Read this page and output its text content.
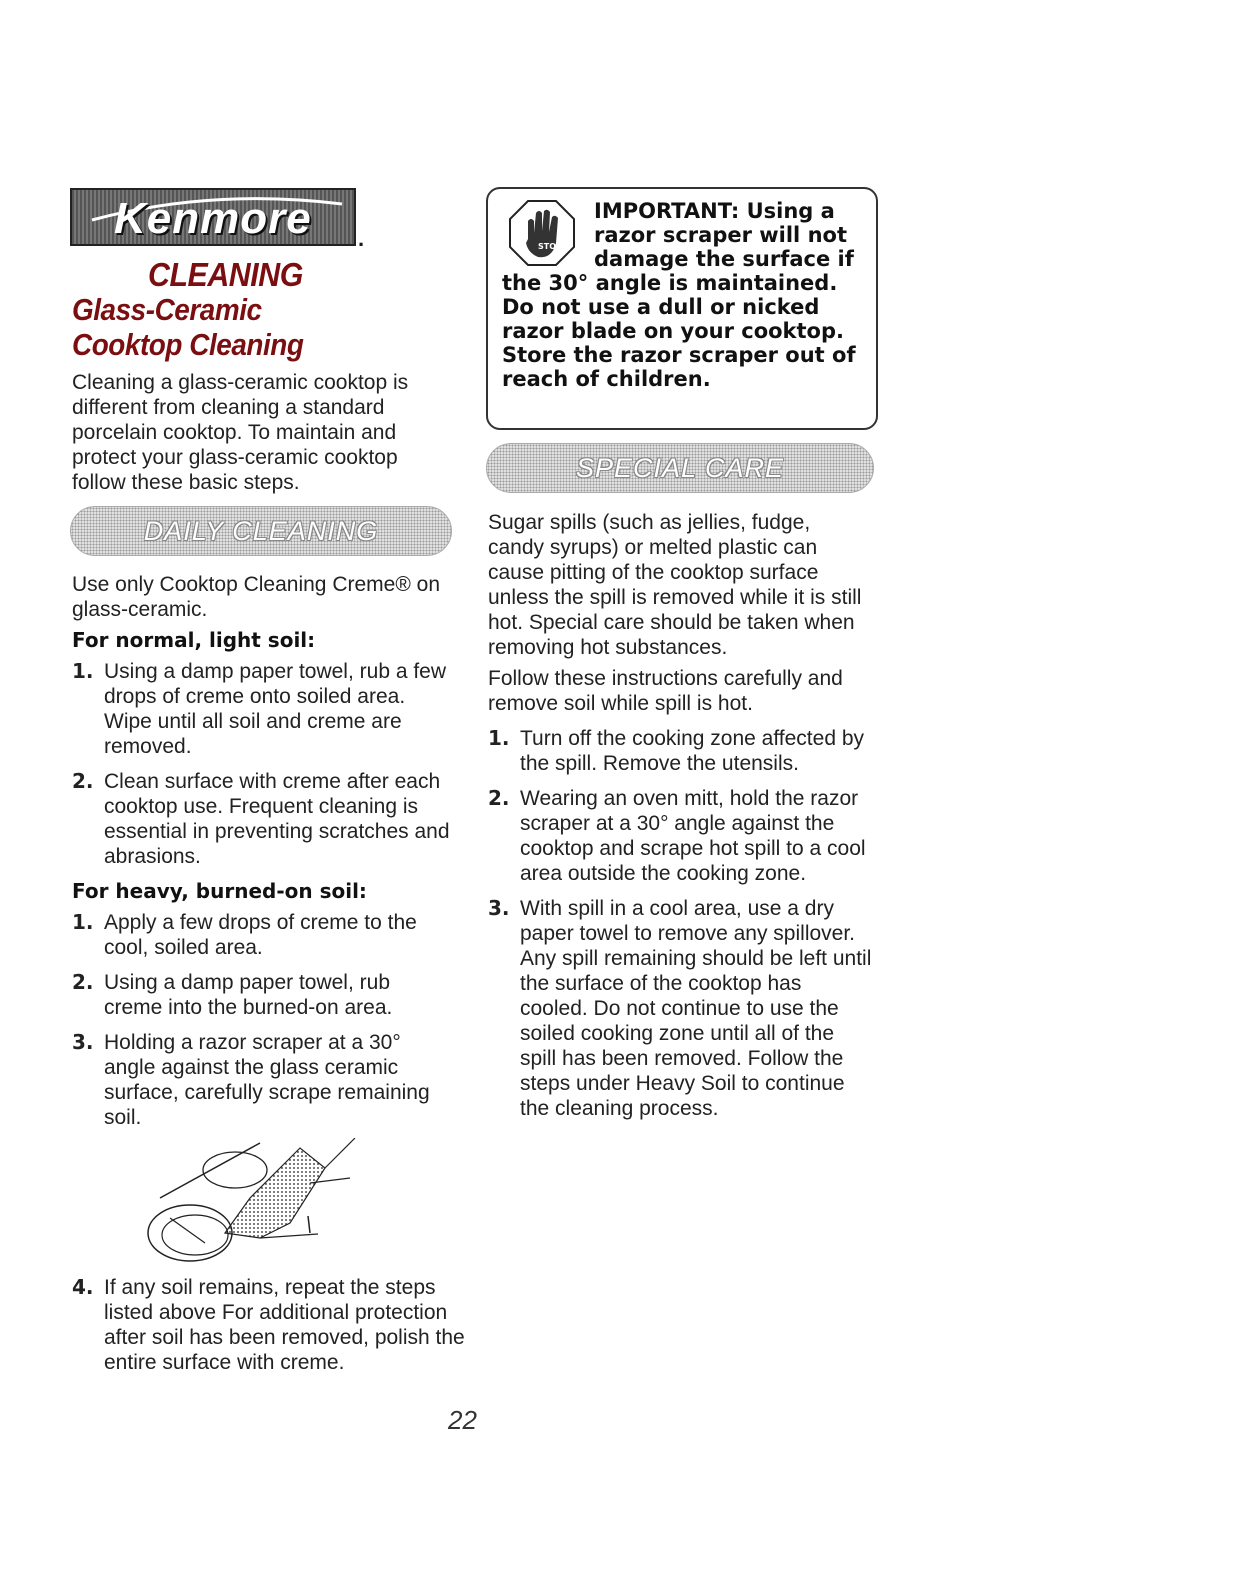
Kenmore .
CLEANING
Glass-Ceramic Cooktop Cleaning

Cleaning a glass-ceramic cooktop is different from cleaning a standard porcelain cooktop. To maintain and protect your glass-ceramic cooktop follow these basic steps.

DAILY CLEANING

Use only Cooktop Cleaning Creme® on glass-ceramic.

For normal, light soil:

1. Using a damp paper towel, rub a few drops of creme onto soiled area. Wipe until all soil and creme are removed.
2. Clean surface with creme after each cooktop use. Frequent cleaning is essential in preventing scratches and abrasions.

For heavy, burned-on soil:

1. Apply a few drops of creme to the cool, soiled area.
2. Using a damp paper towel, rub creme into the burned-on area.
3. Holding a razor scraper at a 30° angle against the glass ceramic surface, carefully scrape remaining soil.
4. If any soil remains, repeat the steps listed above For additional protection after soil has been removed, polish the entire surface with creme.
STOP
IMPORTANT: Using a razor scraper will not damage the surface if the 30° angle is maintained. Do not use a dull or nicked razor blade on your cooktop. Store the razor scraper out of reach of children.
SPECIAL CARE

Sugar spills (such as jellies, fudge, candy syrups) or melted plastic can cause pitting of the cooktop surface unless the spill is removed while it is still hot. Special care should be taken when removing hot substances.

Follow these instructions carefully and remove soil while spill is hot.

1. Turn off the cooking zone affected by the spill. Remove the utensils.
2. Wearing an oven mitt, hold the razor scraper at a 30° angle against the cooktop and scrape hot spill to a cool area outside the cooking zone.
3. With spill in a cool area, use a dry paper towel to remove any spillover. Any spill remaining should be left until the surface of the cooktop has cooled. Do not continue to use the soiled cooking zone until all of the spill has been removed. Follow the steps under Heavy Soil to continue the cleaning process.
22
